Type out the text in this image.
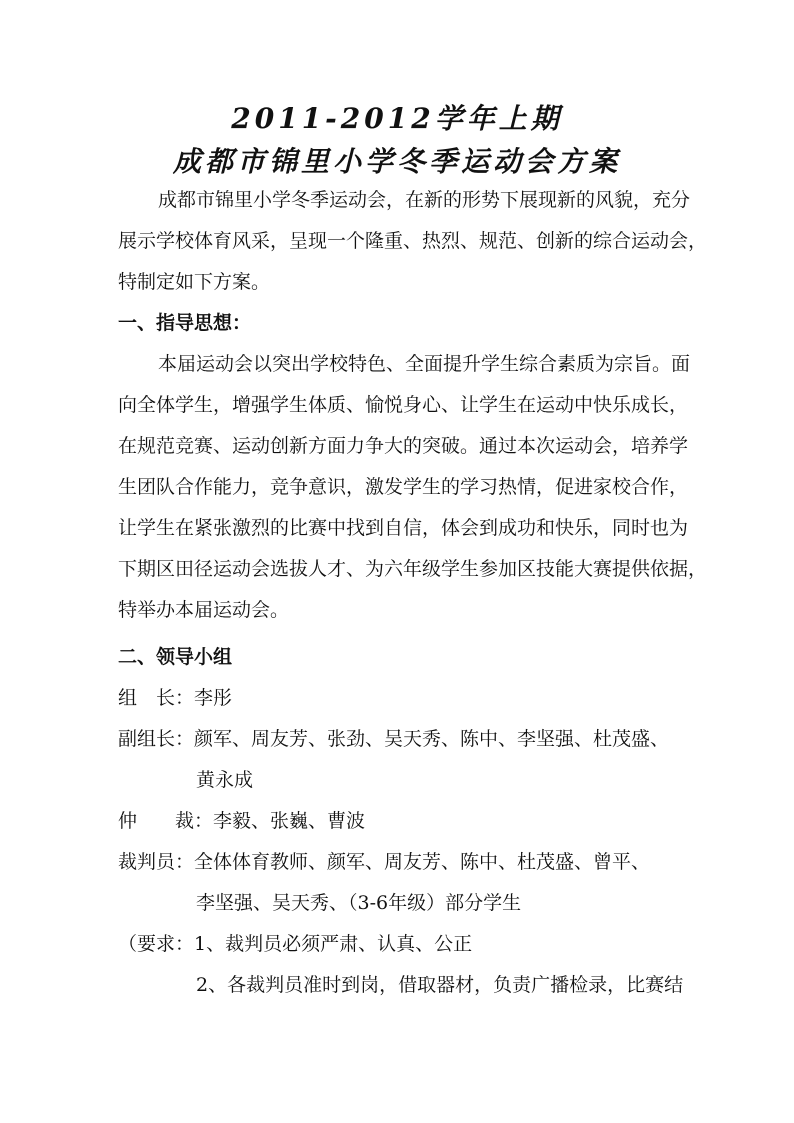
2011-2012学年上期
成都市锦里小学冬季运动会方案
成都市锦里小学冬季运动会，在新的形势下展现新的风貌，充分
展示学校体育风采，呈现一个隆重、热烈、规范、创新的综合运动会，
特制定如下方案。
一、指导思想：
本届运动会以突出学校特色、全面提升学生综合素质为宗旨。面
向全体学生，增强学生体质、愉悦身心、让学生在运动中快乐成长，
在规范竞赛、运动创新方面力争大的突破。通过本次运动会，培养学
生团队合作能力，竞争意识，激发学生的学习热情，促进家校合作，
让学生在紧张激烈的比赛中找到自信，体会到成功和快乐，同时也为
下期区田径运动会选拔人才、为六年级学生参加区技能大赛提供依据，
特举办本届运动会。
二、领导小组
组　长：李彤
副组长：颜军、周友芳、张劲、吴天秀、陈中、李坚强、杜茂盛、
黄永成
仲　　裁：李毅、张巍、曹波
裁判员：全体体育教师、颜军、周友芳、陈中、杜茂盛、曾平、
李坚强、吴天秀、（3-6年级）部分学生
（要求：1、裁判员必须严肃、认真、公正
2、各裁判员准时到岗，借取器材，负责广播检录，比赛结
